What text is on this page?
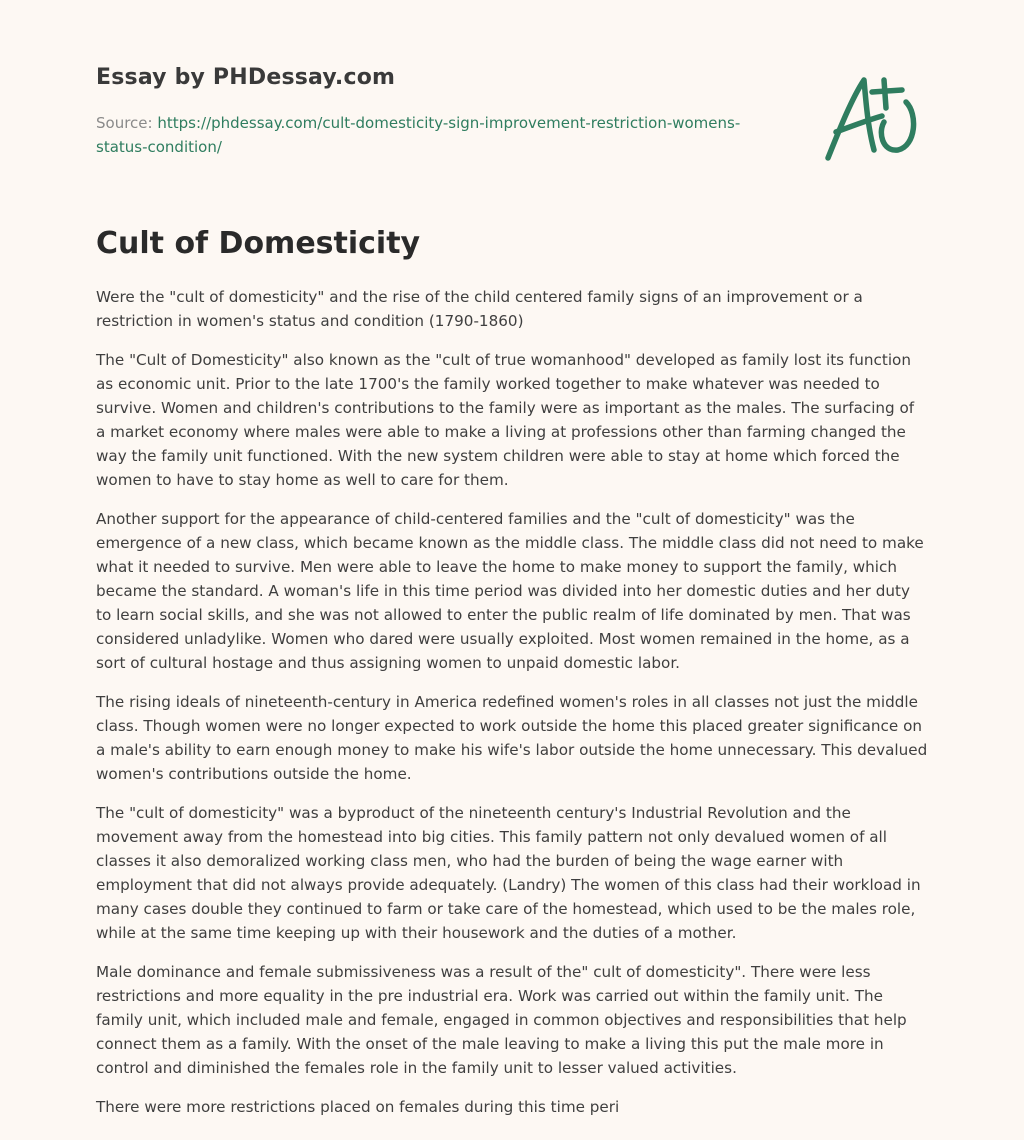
Essay by PHDessay.com
Source: https://phdessay.com/cult-domesticity-sign-improvement-restriction-womens-status-condition/
Cult of Domesticity

Were the "cult of domesticity" and the rise of the child centered family signs of an improvement or a restriction in women's status and condition (1790-1860)

The "Cult of Domesticity" also known as the "cult of true womanhood" developed as family lost its function as economic unit. Prior to the late 1700's the family worked together to make whatever was needed to survive. Women and children's contributions to the family were as important as the males. The surfacing of a market economy where males were able to make a living at professions other than farming changed the way the family unit functioned. With the new system children were able to stay at home which forced the women to have to stay home as well to care for them.

Another support for the appearance of child-centered families and the "cult of domesticity" was the emergence of a new class, which became known as the middle class. The middle class did not need to make what it needed to survive. Men were able to leave the home to make money to support the family, which became the standard. A woman's life in this time period was divided into her domestic duties and her duty to learn social skills, and she was not allowed to enter the public realm of life dominated by men. That was considered unladylike. Women who dared were usually exploited. Most women remained in the home, as a sort of cultural hostage and thus assigning women to unpaid domestic labor.

The rising ideals of nineteenth-century in America redefined women's roles in all classes not just the middle class. Though women were no longer expected to work outside the home this placed greater significance on a male's ability to earn enough money to make his wife's labor outside the home unnecessary. This devalued women's contributions outside the home.

The "cult of domesticity" was a byproduct of the nineteenth century's Industrial Revolution and the movement away from the homestead into big cities. This family pattern not only devalued women of all classes it also demoralized working class men, who had the burden of being the wage earner with employment that did not always provide adequately. (Landry) The women of this class had their workload in many cases double they continued to farm or take care of the homestead, which used to be the males role, while at the same time keeping up with their housework and the duties of a mother.

Male dominance and female submissiveness was a result of the" cult of domesticity". There were less restrictions and more equality in the pre industrial era. Work was carried out within the family unit. The family unit, which included male and female, engaged in common objectives and responsibilities that help connect them as a family. With the onset of the male leaving to make a living this put the male more in control and diminished the females role in the family unit to lesser valued activities.

There were more restrictions placed on females during this time peri
